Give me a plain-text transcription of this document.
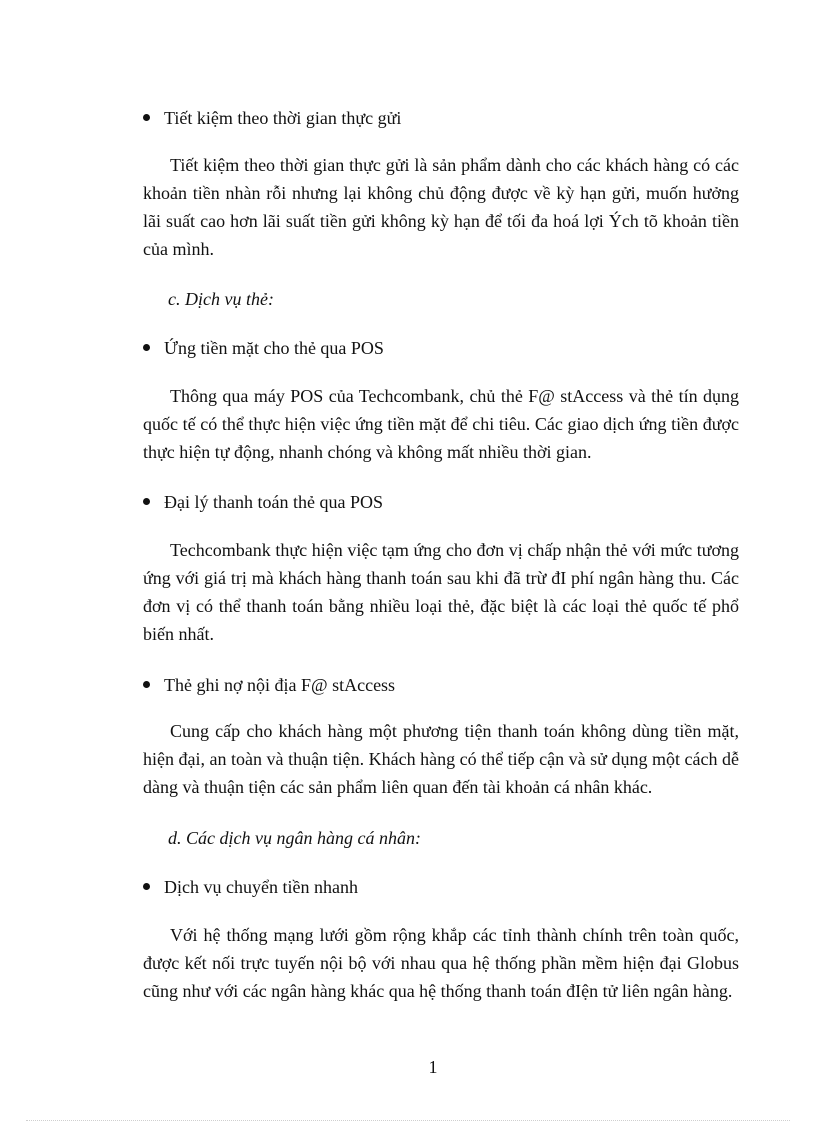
Tiết kiệm theo thời gian thực gửi

Tiết kiệm theo thời gian thực gửi là sản phẩm dành cho các khách hàng có các khoản tiền nhàn rỗi nhưng lại không chủ động được về kỳ hạn gửi, muốn hưởng lãi suất cao hơn lãi suất tiền gửi không kỳ hạn để tối đa hoá lợi Ých tõ khoản tiền của mình.

c. Dịch vụ thẻ:
Ứng tiền mặt cho thẻ qua POS

Thông qua máy POS của Techcombank, chủ thẻ F@ stAccess và thẻ tín dụng quốc tế có thể thực hiện việc ứng tiền mặt để chi tiêu. Các giao dịch ứng tiền được thực hiện tự động, nhanh chóng và không mất nhiều thời gian.

Đại lý thanh toán thẻ qua POS

Techcombank thực hiện việc tạm ứng cho đơn vị chấp nhận thẻ với mức tương ứng với giá trị mà khách hàng thanh toán sau khi đã trừ đI phí ngân hàng thu. Các đơn vị có thể thanh toán bằng nhiều loại thẻ, đặc biệt là các loại thẻ quốc tế phổ biến nhất.

Thẻ ghi nợ nội địa F@ stAccess

Cung cấp cho khách hàng một phương tiện thanh toán không dùng tiền mặt, hiện đại, an toàn và thuận tiện. Khách hàng có thể tiếp cận và sử dụng một cách dễ dàng và thuận tiện các sản phẩm liên quan đến tài khoản cá nhân khác.

d. Các dịch vụ ngân hàng cá nhân:
Dịch vụ chuyển tiền nhanh

Với hệ thống mạng lưới gồm rộng khắp các tỉnh thành chính trên toàn quốc, được kết nối trực tuyến nội bộ với nhau qua hệ thống phần mềm hiện đại Globus cũng như với các ngân hàng khác qua hệ thống thanh toán đIện tử liên ngân hàng.

1
